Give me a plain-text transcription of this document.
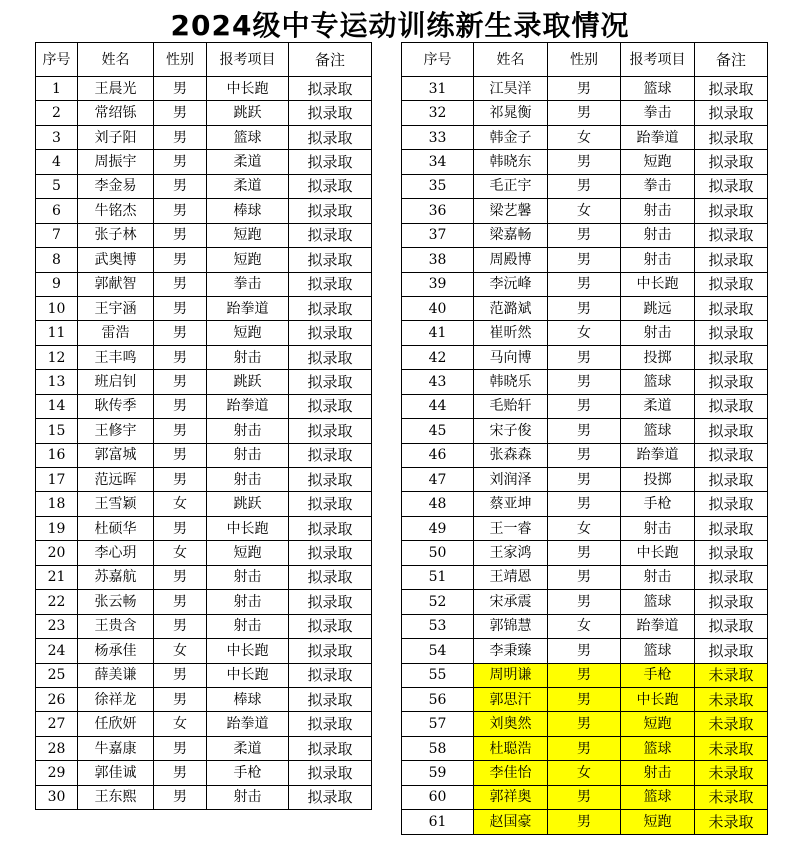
2024级中专运动训练新生录取情况
序号	姓名	性别	报考项目	备注
1	王晨光	男	中长跑	拟录取
2	常绍铄	男	跳跃	拟录取
3	刘子阳	男	篮球	拟录取
4	周振宇	男	柔道	拟录取
5	李金易	男	柔道	拟录取
6	牛铭杰	男	棒球	拟录取
7	张子林	男	短跑	拟录取
8	武奥博	男	短跑	拟录取
9	郭献智	男	拳击	拟录取
10	王宇涵	男	跆拳道	拟录取
11	雷浩	男	短跑	拟录取
12	王丰鸣	男	射击	拟录取
13	班启钊	男	跳跃	拟录取
14	耿传季	男	跆拳道	拟录取
15	王修宇	男	射击	拟录取
16	郭富城	男	射击	拟录取
17	范远晖	男	射击	拟录取
18	王雪颖	女	跳跃	拟录取
19	杜硕华	男	中长跑	拟录取
20	李心玥	女	短跑	拟录取
21	苏嘉航	男	射击	拟录取
22	张云畅	男	射击	拟录取
23	王贵含	男	射击	拟录取
24	杨承佳	女	中长跑	拟录取
25	薛美谦	男	中长跑	拟录取
26	徐祥龙	男	棒球	拟录取
27	任欣妍	女	跆拳道	拟录取
28	牛嘉康	男	柔道	拟录取
29	郭佳诚	男	手枪	拟录取
30	王东熙	男	射击	拟录取
序号	姓名	性别	报考项目	备注
31	江昊洋	男	篮球	拟录取
32	祁晁衡	男	拳击	拟录取
33	韩金子	女	跆拳道	拟录取
34	韩晓东	男	短跑	拟录取
35	毛正宇	男	拳击	拟录取
36	梁艺馨	女	射击	拟录取
37	梁嘉畅	男	射击	拟录取
38	周殿博	男	射击	拟录取
39	李沅峰	男	中长跑	拟录取
40	范潞斌	男	跳远	拟录取
41	崔昕然	女	射击	拟录取
42	马向博	男	投掷	拟录取
43	韩晓乐	男	篮球	拟录取
44	毛贻轩	男	柔道	拟录取
45	宋子俊	男	篮球	拟录取
46	张森森	男	跆拳道	拟录取
47	刘润泽	男	投掷	拟录取
48	蔡亚坤	男	手枪	拟录取
49	王一睿	女	射击	拟录取
50	王家鸿	男	中长跑	拟录取
51	王靖恩	男	射击	拟录取
52	宋承震	男	篮球	拟录取
53	郭锦慧	女	跆拳道	拟录取
54	李秉臻	男	篮球	拟录取
55	周明谦	男	手枪	未录取
56	郭思汗	男	中长跑	未录取
57	刘奥然	男	短跑	未录取
58	杜聪浩	男	篮球	未录取
59	李佳怡	女	射击	未录取
60	郭祥奥	男	篮球	未录取
61	赵国豪	男	短跑	未录取
